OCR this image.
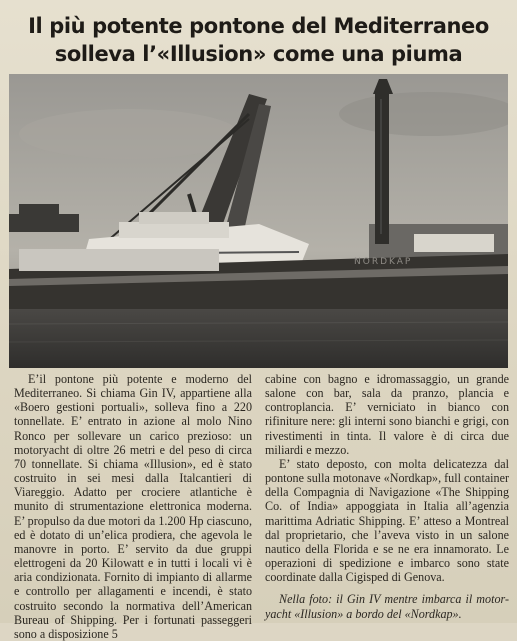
Il più potente pontone del Mediterraneo
solleva l’«Illusion» come una piuma
NORDKAP

E’il pontone più potente e moderno del Mediterraneo. Si chiama Gin IV, appartiene alla «Boero gestioni portuali», solleva fino a 220 tonnellate. E’ entrato in azione al molo Nino Ronco per sollevare un carico prezioso: un motoryacht di oltre 26 metri e del peso di circa 70 tonnellate. Si chiama «Illusion», ed è stato costruito in sei mesi dalla Italcantieri di Viareggio. Adatto per crociere atlantiche è munito di strumentazione elettronica moderna. E’ propulso da due motori da 1.200 Hp ciascuno, ed è dotato di un’elica prodiera, che agevola le manovre in porto. E’ servito da due gruppi elettrogeni da 20 Kilowatt e in tutti i locali vi è aria condizionata. Fornito di impianto di allarme e controllo per allagamenti e incendi, è stato costruito secondo la normativa dell’American Bureau of Shipping. Per i fortunati passeggeri sono a disposizione 5

cabine con bagno e idromassaggio, un grande salone con bar, sala da pranzo, plancia e controplancia. E’ verniciato in bianco con rifiniture nere: gli interni sono bianchi e grigi, con rivestimenti in tinta. Il valore è di circa due miliardi e mezzo.

E’ stato deposto, con molta delicatezza dal pontone sulla motonave «Nordkap», full container della Compagnia di Navigazione «The Shipping Co. of India» appoggiata in Italia all’agenzia marittima Adriatic Shipping. E’ atteso a Montreal dal proprietario, che l’aveva visto in un salone nautico della Florida e se ne era innamorato. Le operazioni di spedizione e imbarco sono state coordinate dalla Cigisped di Genova.

Nella foto: il Gin IV mentre imbarca il motor-yacht «Illusion» a bordo del «Nordkap».
